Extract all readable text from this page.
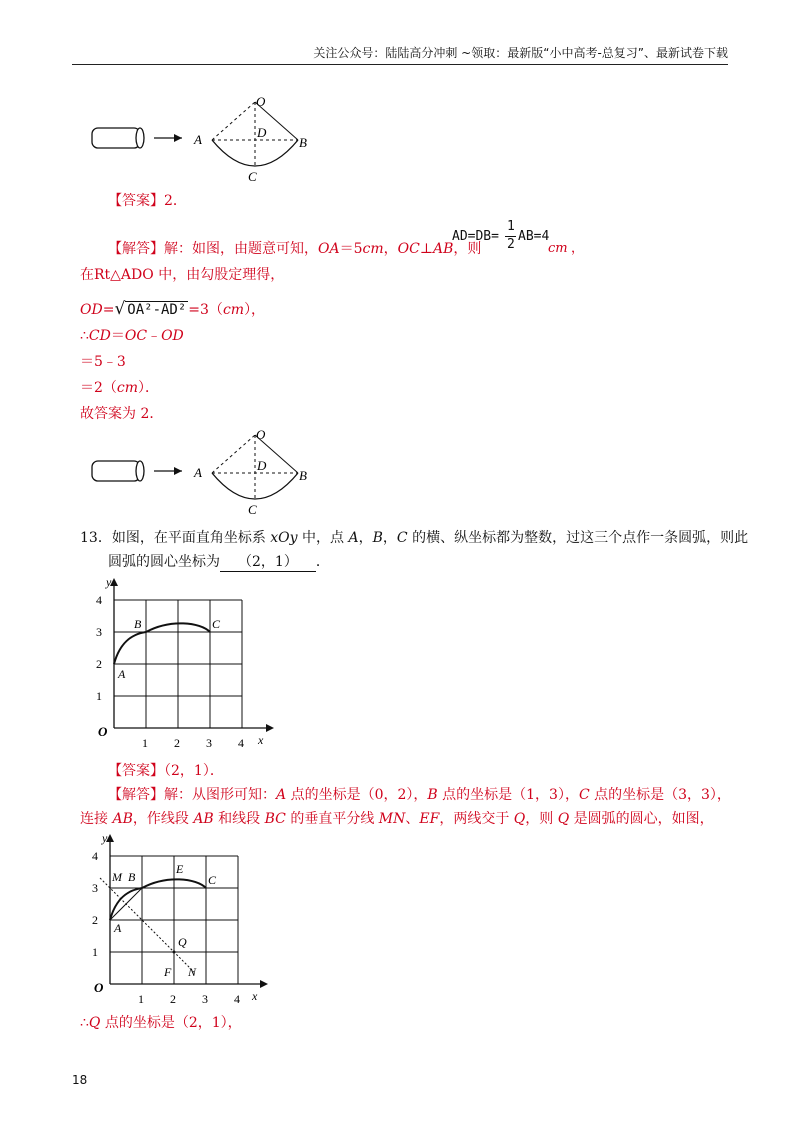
关注公众号：陆陆高分冲刺 ~领取：最新版“小中高考-总复习”、最新试卷下载
O
D
A	B
C
【答案】2．
【解答】解：如图，由题意可知，OA＝5cm，OC⊥AB，则
AD=DB=
1
2
AB=4
cm ，
在Rt△ADO 中，由勾股定理得，
OD=√ OA²-AD² =3（cm），
∴CD＝OC﹣OD
＝5﹣3
＝2（cm）．
故答案为 2．
O
D
A	B
C
13．如图，在平面直角坐标系 xOy 中，点 A，B，C 的横、纵坐标都为整数，过这三个点作一条圆弧，则此
圆弧的圆心坐标为 （2，1） ．
y
x
O
1 2 3 4
1
2
3
4
A
B	C
【答案】（2，1）．
【解答】解：从图形可知：A 点的坐标是（0，2），B 点的坐标是（1，3），C 点的坐标是（3，3），
连接 AB，作线段 AB 和线段 BC 的垂直平分线 MN、EF，两线交于 Q，则 Q 是圆弧的圆心，如图，
y
x
O
1 2 3 4
1
2
3
4
A
M B
E
C
Q
F N
∴Q 点的坐标是（2，1），
18
